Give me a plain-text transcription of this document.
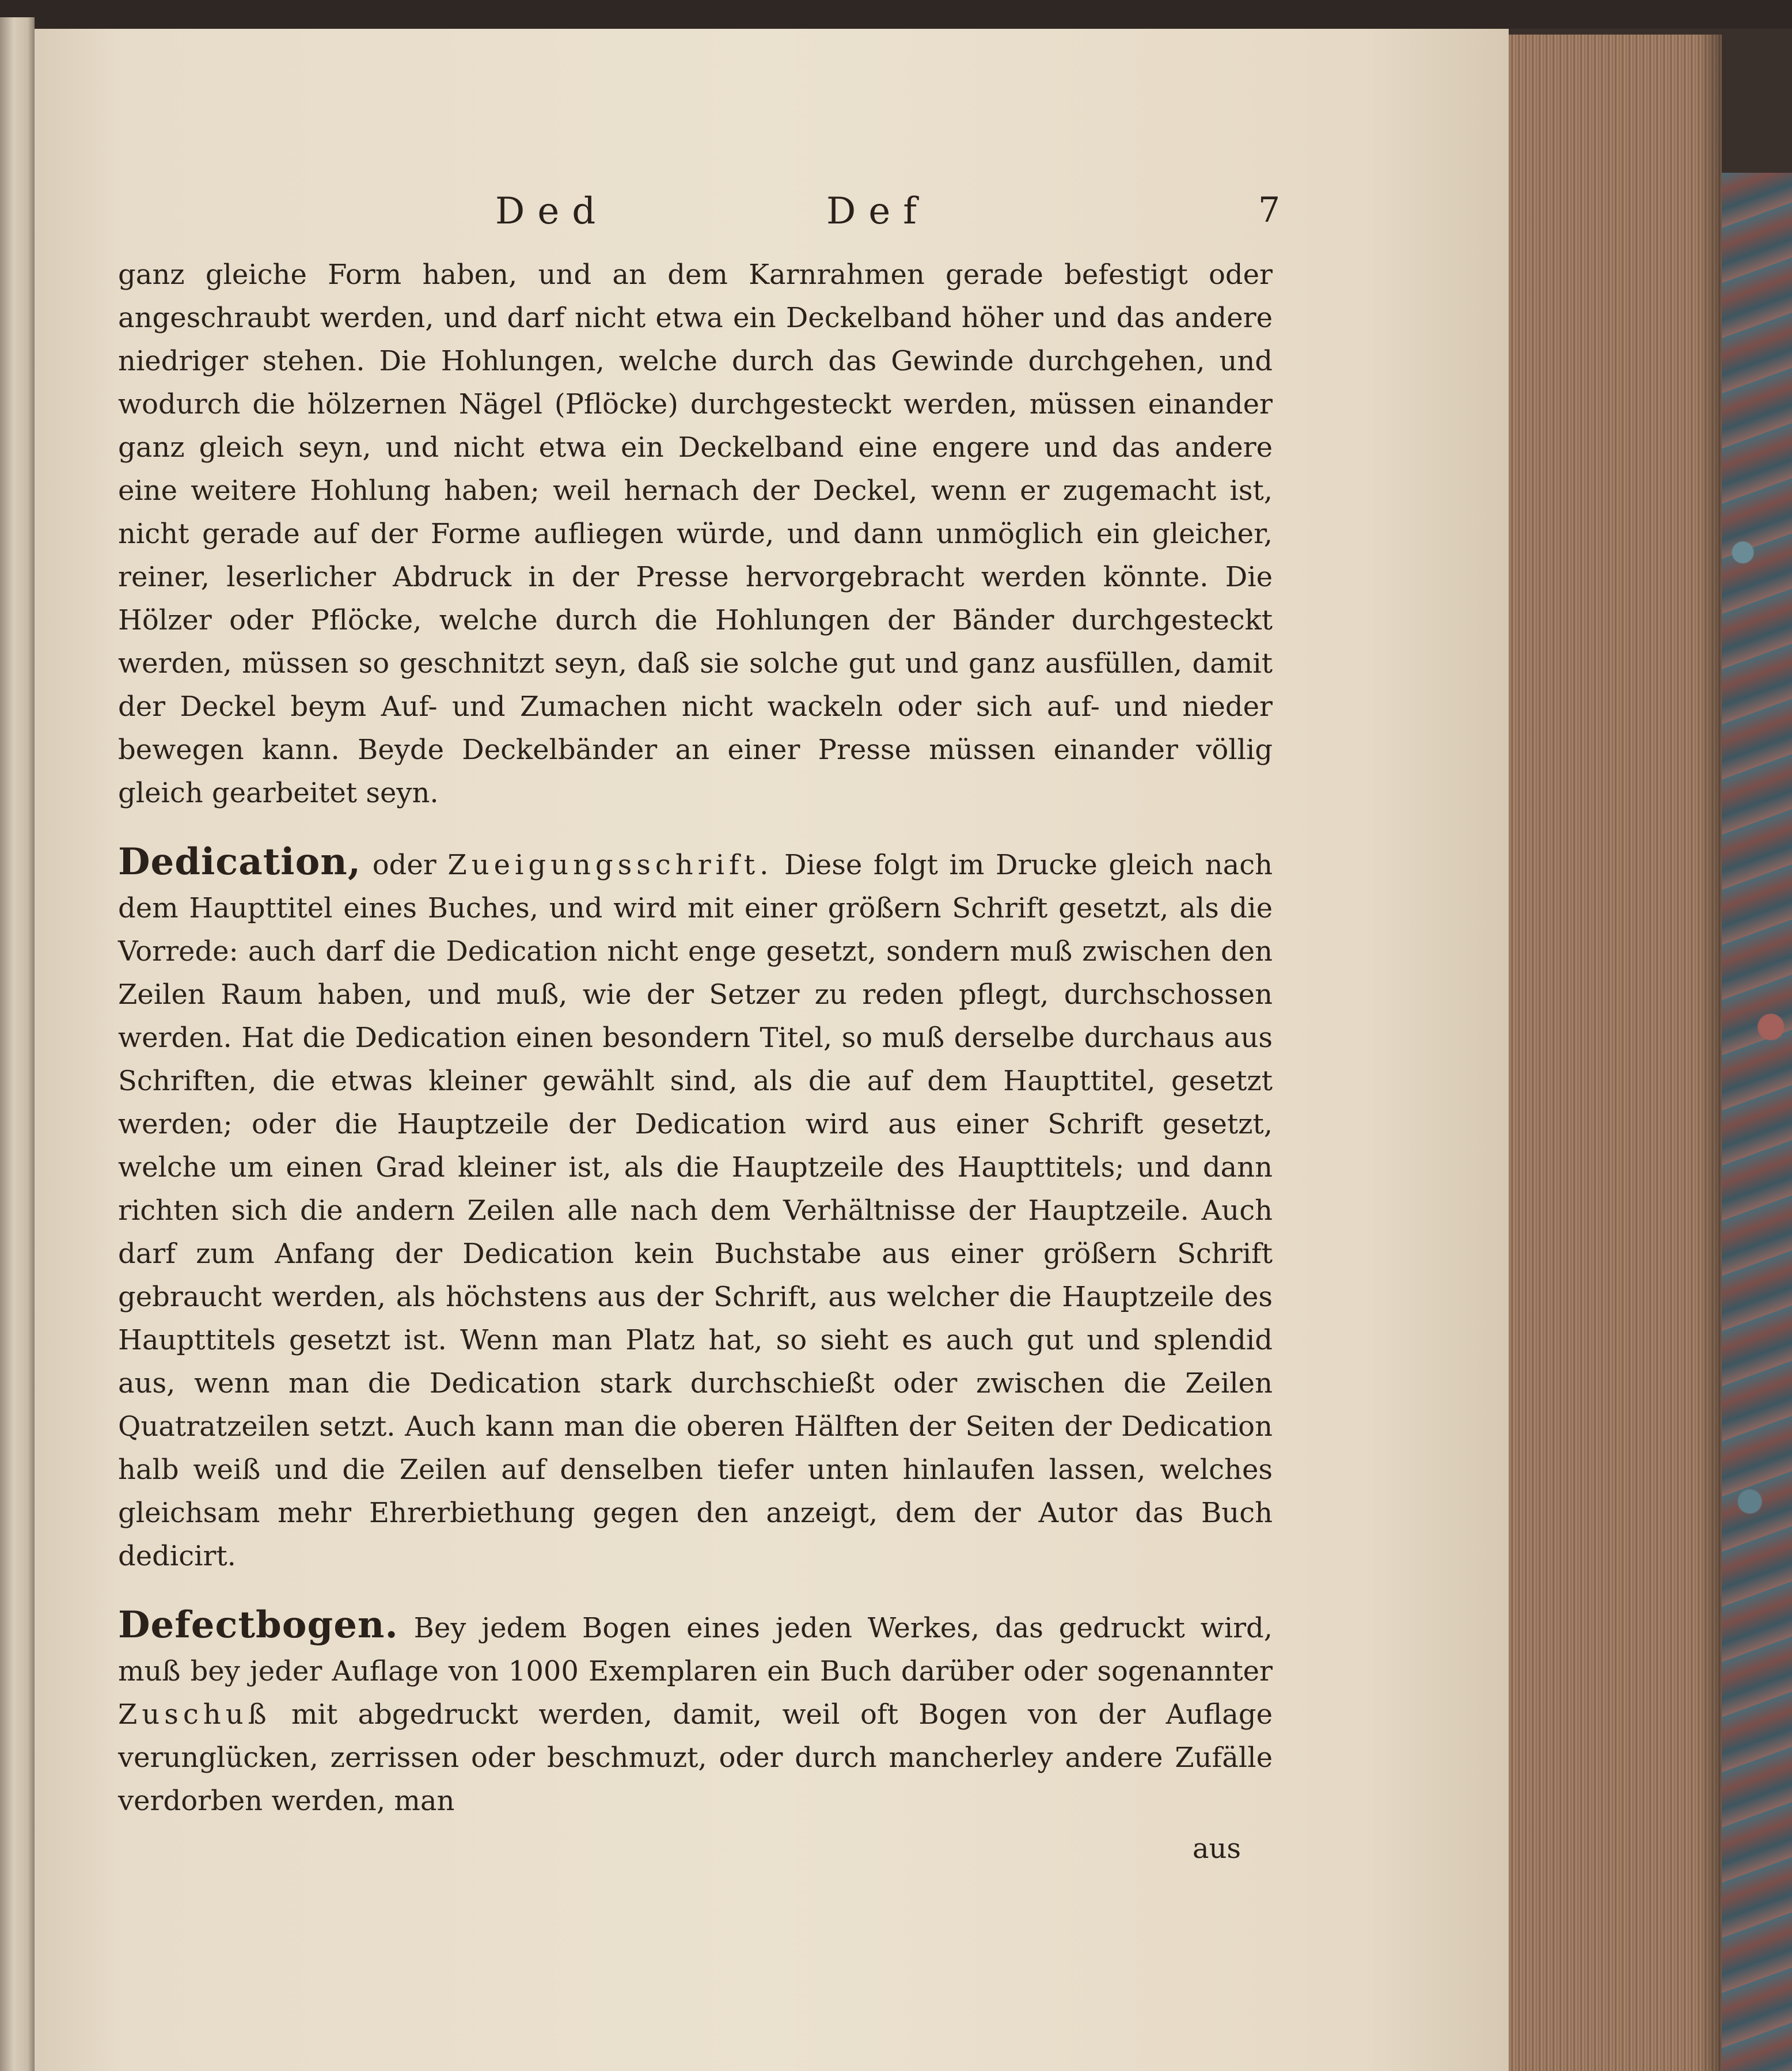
Ded	Def	7

ganz gleiche Form haben, und an dem Karnrahmen gerade befestigt oder angeschraubt werden, und darf nicht etwa ein Deckelband höher und das andere niedriger stehen. Die Hohlungen, welche durch das Gewinde durchgehen, und wodurch die hölzernen Nägel (Pflöcke) durchgesteckt werden, müssen einander ganz gleich seyn, und nicht etwa ein Deckelband eine engere und das andere eine weitere Hohlung haben; weil hernach der Deckel, wenn er zugemacht ist, nicht gerade auf der Forme aufliegen würde, und dann unmöglich ein gleicher, reiner, leserlicher Abdruck in der Presse hervorgebracht werden könnte. Die Hölzer oder Pflöcke, welche durch die Hohlungen der Bänder durchgesteckt werden, müssen so geschnitzt seyn, daß sie solche gut und ganz ausfüllen, damit der Deckel beym Auf- und Zumachen nicht wackeln oder sich auf- und nieder bewegen kann. Beyde Deckelbänder an einer Presse müssen einander völlig gleich gearbeitet seyn.

Dedication, oder Zueigungsschrift. Diese folgt im Drucke gleich nach dem Haupttitel eines Buches, und wird mit einer größern Schrift gesetzt, als die Vorrede: auch darf die Dedication nicht enge gesetzt, sondern muß zwischen den Zeilen Raum haben, und muß, wie der Setzer zu reden pflegt, durchschossen werden. Hat die Dedication einen besondern Titel, so muß derselbe durchaus aus Schriften, die etwas kleiner gewählt sind, als die auf dem Haupttitel, gesetzt werden; oder die Hauptzeile der Dedication wird aus einer Schrift gesetzt, welche um einen Grad kleiner ist, als die Hauptzeile des Haupttitels; und dann richten sich die andern Zeilen alle nach dem Verhältnisse der Hauptzeile. Auch darf zum Anfang der Dedication kein Buchstabe aus einer größern Schrift gebraucht werden, als höchstens aus der Schrift, aus welcher die Hauptzeile des Haupttitels gesetzt ist. Wenn man Platz hat, so sieht es auch gut und splendid aus, wenn man die Dedication stark durchschießt oder zwischen die Zeilen Quatratzeilen setzt. Auch kann man die oberen Hälften der Seiten der Dedication halb weiß und die Zeilen auf denselben tiefer unten hinlaufen lassen, welches gleichsam mehr Ehrerbiethung gegen den anzeigt, dem der Autor das Buch dedicirt.

Defectbogen. Bey jedem Bogen eines jeden Werkes, das gedruckt wird, muß bey jeder Auflage von 1000 Exemplaren ein Buch darüber oder sogenannter Zuschuß mit abgedruckt werden, damit, weil oft Bogen von der Auflage verunglücken, zerrissen oder beschmuzt, oder durch mancherley andere Zufälle verdorben werden, man

aus
